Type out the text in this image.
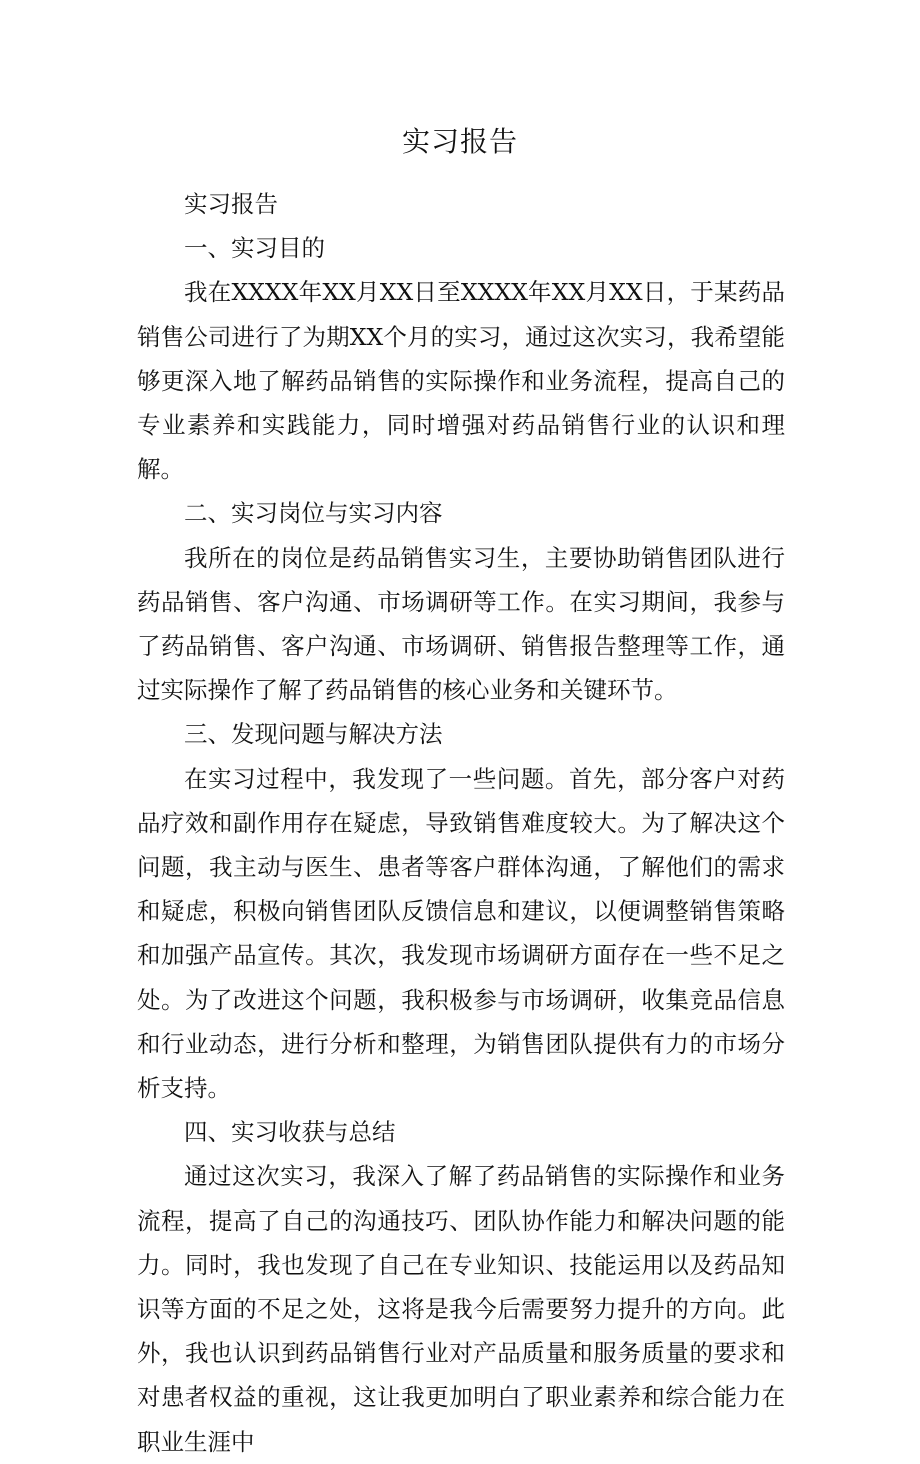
实习报告

实习报告

一、实习目的

我在XXXX年XX月XX日至XXXX年XX月XX日，于某药品销售公司进行了为期XX个月的实习，通过这次实习，我希望能够更深入地了解药品销售的实际操作和业务流程，提高自己的专业素养和实践能力，同时增强对药品销售行业的认识和理解。

二、实习岗位与实习内容

我所在的岗位是药品销售实习生，主要协助销售团队进行药品销售、客户沟通、市场调研等工作。在实习期间，我参与了药品销售、客户沟通、市场调研、销售报告整理等工作，通过实际操作了解了药品销售的核心业务和关键环节。

三、发现问题与解决方法

在实习过程中，我发现了一些问题。首先，部分客户对药品疗效和副作用存在疑虑，导致销售难度较大。为了解决这个问题，我主动与医生、患者等客户群体沟通，了解他们的需求和疑虑，积极向销售团队反馈信息和建议，以便调整销售策略和加强产品宣传。其次，我发现市场调研方面存在一些不足之处。为了改进这个问题，我积极参与市场调研，收集竞品信息和行业动态，进行分析和整理，为销售团队提供有力的市场分析支持。

四、实习收获与总结

通过这次实习，我深入了解了药品销售的实际操作和业务流程，提高了自己的沟通技巧、团队协作能力和解决问题的能力。同时，我也发现了自己在专业知识、技能运用以及药品知识等方面的不足之处，这将是我今后需要努力提升的方向。此外，我也认识到药品销售行业对产品质量和服务质量的要求和对患者权益的重视，这让我更加明白了职业素养和综合能力在职业生涯中
